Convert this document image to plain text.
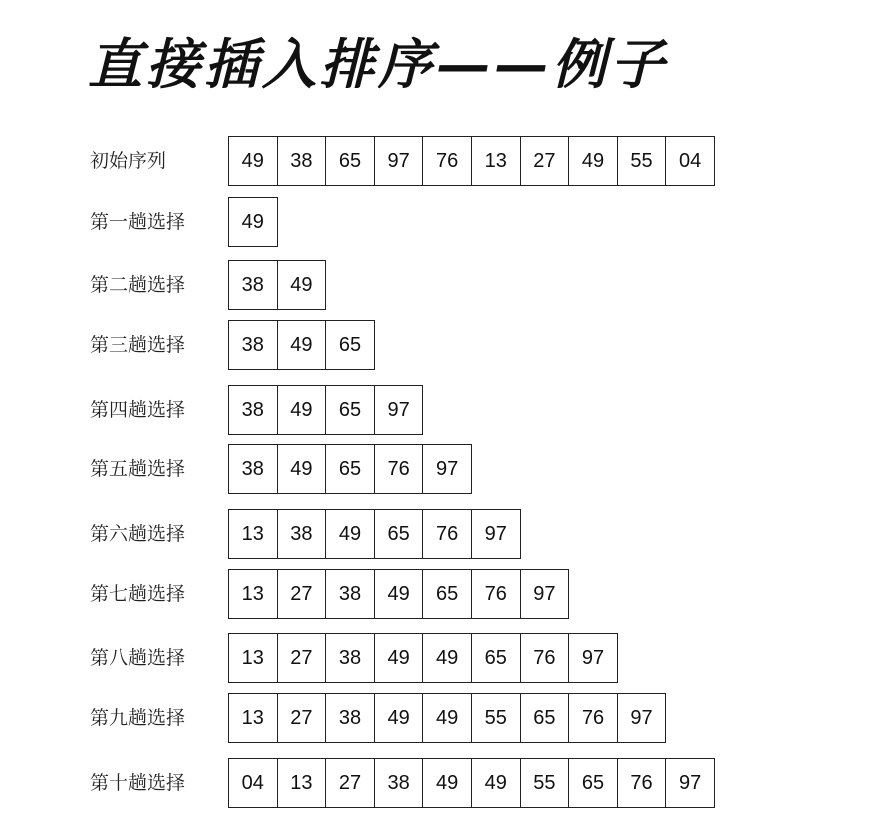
直接插入排序——例子
初始序列	49	38	65	97	76	13	27	49	55	04
第一趟选择	49
第二趟选择	38	49
第三趟选择	38	49	65
第四趟选择	38	49	65	97
第五趟选择	38	49	65	76	97
第六趟选择	13	38	49	65	76	97
第七趟选择	13	27	38	49	65	76	97
第八趟选择	13	27	38	49	49	65	76	97
第九趟选择	13	27	38	49	49	55	65	76	97
第十趟选择	04	13	27	38	49	49	55	65	76	97
